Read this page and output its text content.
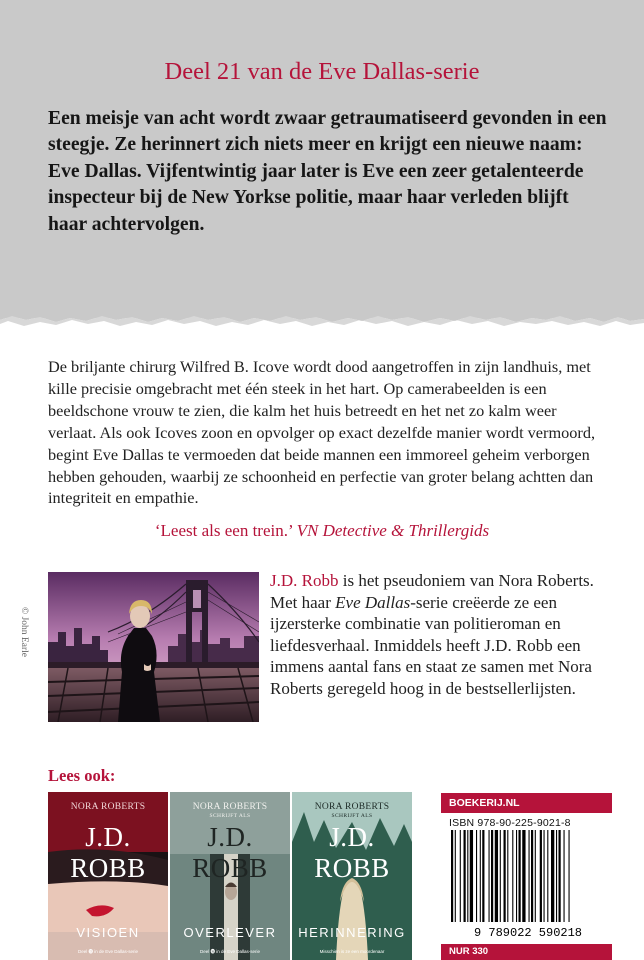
Deel 21 van de Eve Dallas-serie
Een meisje van acht wordt zwaar getraumatiseerd gevonden in een steegje. Ze herinnert zich niets meer en krijgt een nieuwe naam: Eve Dallas. Vijfentwintig jaar later is Eve een zeer getalenteerde inspecteur bij de New Yorkse politie, maar haar verleden blijft haar achtervolgen.
De briljante chirurg Wilfred B. Icove wordt dood aangetroffen in zijn landhuis, met kille precisie omgebracht met één steek in het hart. Op camerabeelden is een beeldschone vrouw te zien, die kalm het huis betreedt en het net zo kalm weer verlaat. Als ook Icoves zoon en opvolger op exact dezelfde manier wordt vermoord, begint Eve Dallas te vermoeden dat beide mannen een immoreel geheim verborgen hebben gehouden, waarbij ze schoonheid en perfectie van groter belang achtten dan integriteit en empathie.
‘Leest als een trein.’ VN Detective & Thrillergids
© John Earle
J.D. Robb is het pseudoniem van Nora Roberts. Met haar Eve Dallas-serie creëerde ze een ijzersterke combinatie van politieroman en liefdesverhaal. Inmiddels heeft J.D. Robb een immens aantal fans en staat ze samen met Nora Roberts geregeld hoog in de bestsellerlijsten.
Lees ook:
Deel ⓯ in de Eve Dallas-serie
NORA ROBERTS
J.D. ROBB
VISIOEN
Deel ⓰ in de Eve Dallas-serie
NORA ROBERTS
SCHRIJFT ALS
J.D. ROBB
OVERLEVER
Misschien is ze een moordenaar
NORA ROBERTS
SCHRIJFT ALS
J.D. ROBB
HERINNERING
BOEKERIJ.NL
ISBN 978-90-225-9021-8
9 789022 590218
NUR 330
